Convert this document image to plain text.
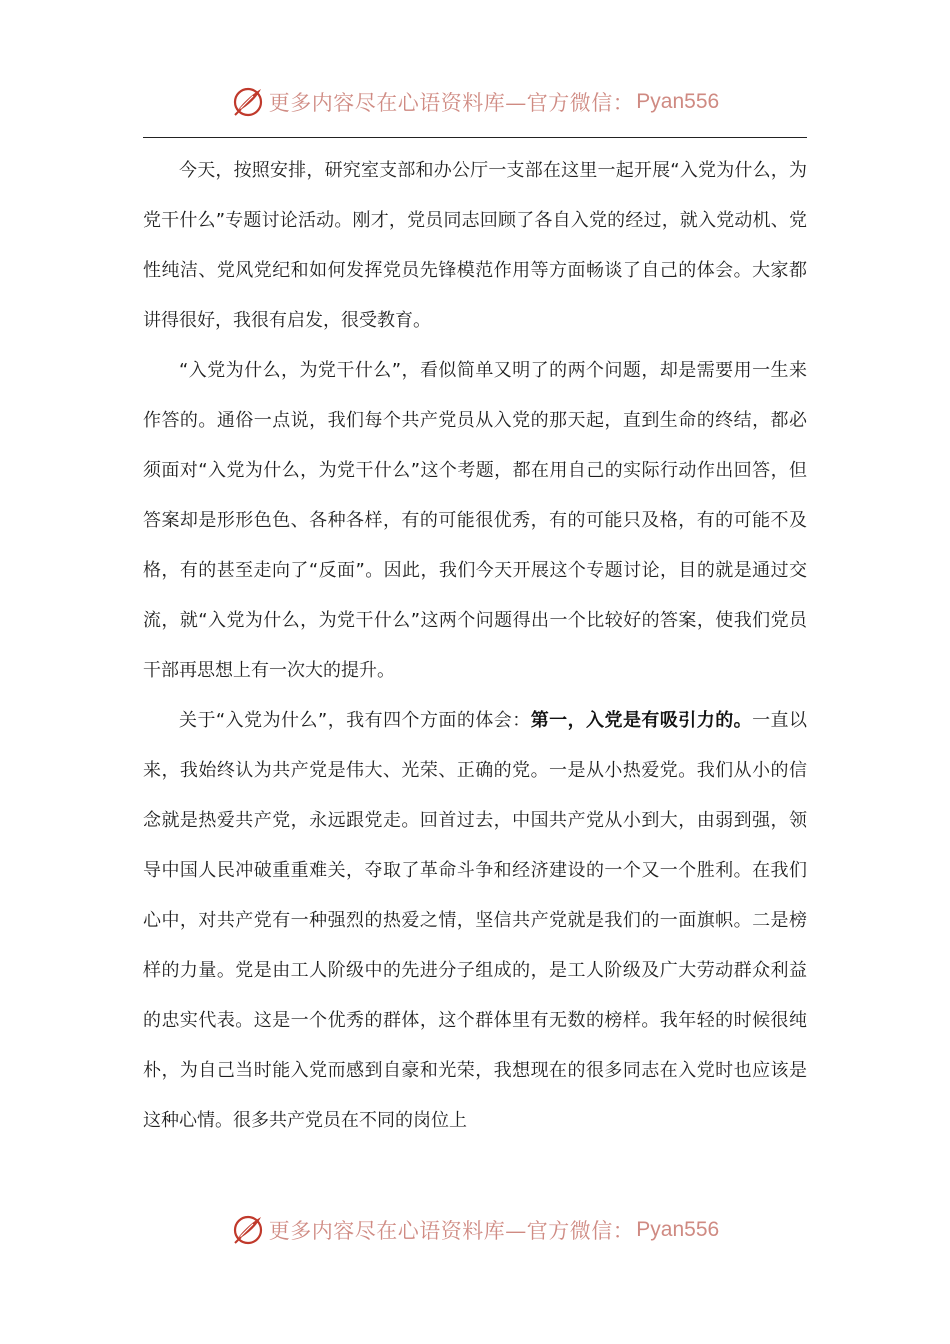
更多内容尽在心语资料库—官方微信： Pyan556

今天，按照安排，研究室支部和办公厅一支部在这里一起开展“入党为什么，为党干什么”专题讨论活动。刚才，党员同志回顾了各自入党的经过，就入党动机、党性纯洁、党风党纪和如何发挥党员先锋模范作用等方面畅谈了自己的体会。大家都讲得很好，我很有启发，很受教育。

“入党为什么，为党干什么”，看似简单又明了的两个问题，却是需要用一生来作答的。通俗一点说，我们每个共产党员从入党的那天起，直到生命的终结，都必须面对“入党为什么，为党干什么”这个考题，都在用自己的实际行动作出回答，但答案却是形形色色、各种各样，有的可能很优秀，有的可能只及格，有的可能不及格，有的甚至走向了“反面”。因此，我们今天开展这个专题讨论，目的就是通过交流，就“入党为什么，为党干什么”这两个问题得出一个比较好的答案，使我们党员干部再思想上有一次大的提升。

关于“入党为什么”，我有四个方面的体会：第一，入党是有吸引力的。一直以来，我始终认为共产党是伟大、光荣、正确的党。一是从小热爱党。我们从小的信念就是热爱共产党，永远跟党走。回首过去，中国共产党从小到大，由弱到强，领导中国人民冲破重重难关，夺取了革命斗争和经济建设的一个又一个胜利。在我们心中，对共产党有一种强烈的热爱之情，坚信共产党就是我们的一面旗帜。二是榜样的力量。党是由工人阶级中的先进分子组成的，是工人阶级及广大劳动群众利益的忠实代表。这是一个优秀的群体，这个群体里有无数的榜样。我年轻的时候很纯朴，为自己当时能入党而感到自豪和光荣，我想现在的很多同志在入党时也应该是这种心情。很多共产党员在不同的岗位上

更多内容尽在心语资料库—官方微信： Pyan556
